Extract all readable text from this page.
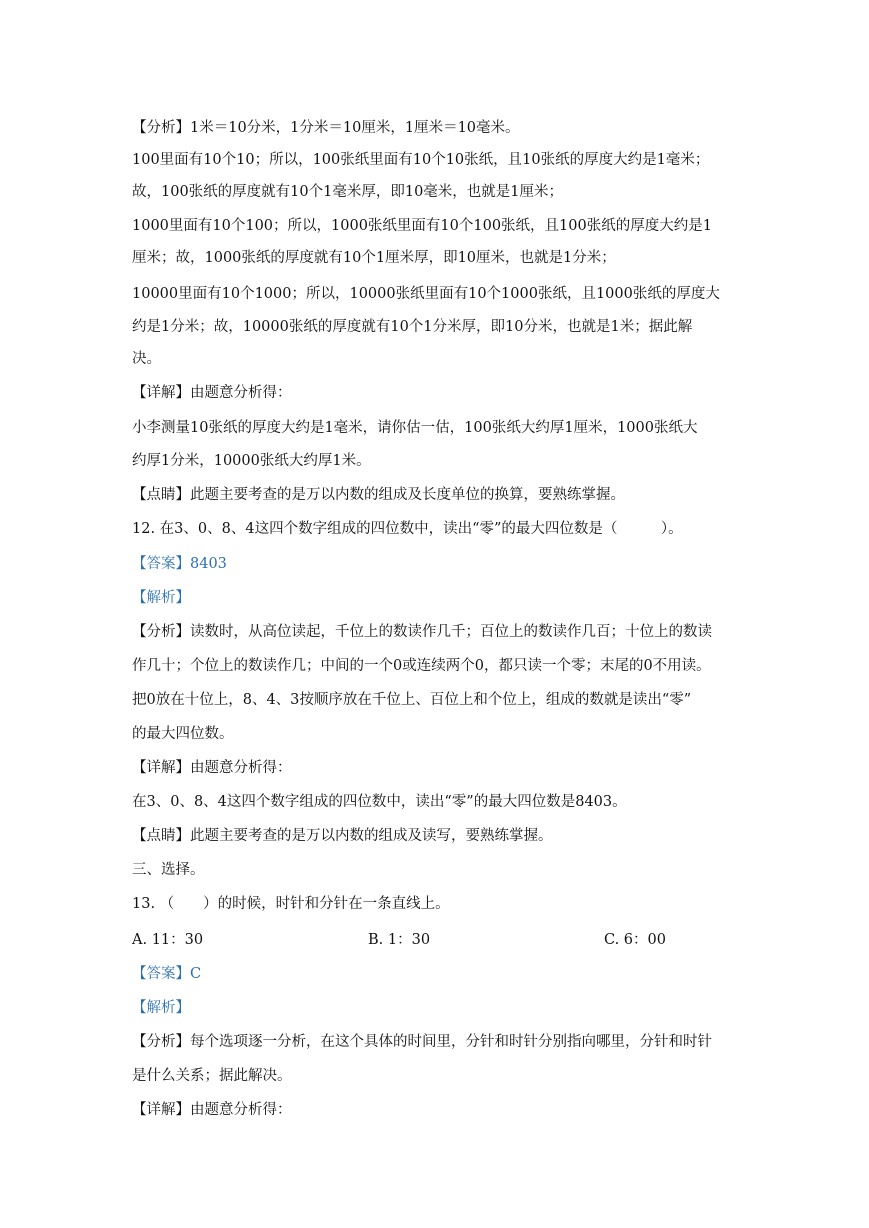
【分析】1米＝10分米，1分米＝10厘米，1厘米＝10毫米。
100里面有10个10；所以，100张纸里面有10个10张纸，且10张纸的厚度大约是1毫米；
故，100张纸的厚度就有10个1毫米厚，即10毫米，也就是1厘米；
1000里面有10个100；所以，1000张纸里面有10个100张纸，且100张纸的厚度大约是1
厘米；故，1000张纸的厚度就有10个1厘米厚，即10厘米，也就是1分米；
10000里面有10个1000；所以，10000张纸里面有10个1000张纸，且1000张纸的厚度大
约是1分米；故，10000张纸的厚度就有10个1分米厚，即10分米，也就是1米；据此解
决。
【详解】由题意分析得：
小李测量10张纸的厚度大约是1毫米，请你估一估，100张纸大约厚1厘米，1000张纸大
约厚1分米，10000张纸大约厚1米。
【点睛】此题主要考查的是万以内数的组成及长度单位的换算，要熟练掌握。
12. 在3、0、8、4这四个数字组成的四位数中，读出“零”的最大四位数是（　　　）。
【答案】8403
【解析】
【分析】读数时，从高位读起，千位上的数读作几千；百位上的数读作几百；十位上的数读
作几十；个位上的数读作几；中间的一个0或连续两个0，都只读一个零；末尾的0不用读。
把0放在十位上，8、4、3按顺序放在千位上、百位上和个位上，组成的数就是读出“零”
的最大四位数。
【详解】由题意分析得：
在3、0、8、4这四个数字组成的四位数中，读出“零”的最大四位数是8403。
【点睛】此题主要考查的是万以内数的组成及读写，要熟练掌握。
三、选择。
13. （　　）的时候，时针和分针在一条直线上。
A. 11：30	B. 1：30	C. 6：00
【答案】C
【解析】
【分析】每个选项逐一分析，在这个具体的时间里，分针和时针分别指向哪里，分针和时针
是什么关系；据此解决。
【详解】由题意分析得：
